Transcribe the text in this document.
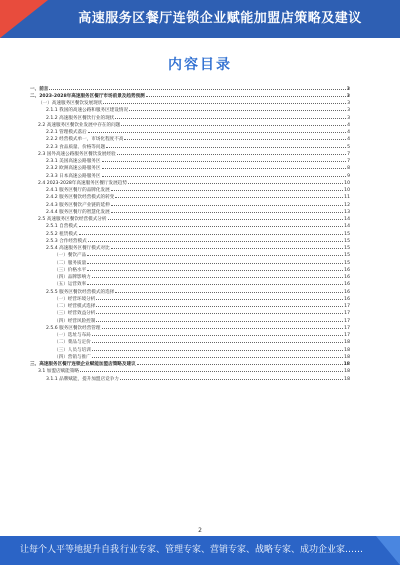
高速服务区餐厅连锁企业赋能加盟店策略及建议
内容目录
一、前言	3
二、2023-2028年高速服务区餐厅市场前景及趋势预测	3
（一）高速服务区餐饮发展现状	3
2.1.1 我国的高速公路和服务区建设情况	3
2.1.2 高速服务区餐饮行业的现状	3
2.2 高速服务区餐饮业发展中存在的问题	4
2.2.1 管理模式落后	4
2.2.2 经营模式单一，市场化程度不高	4
2.2.3 食品质量、价格等问题	5
2.3 国外高速公路服务区餐饮发展经验	7
2.3.1 美国高速公路服务区	7
2.3.2 欧洲高速公路服务区	8
2.3.3 日本高速公路服务区	9
2.4 2023-2028年高速服务区餐厅发展趋势	10
2.4.1 服务区餐厅的品牌化发展	10
2.4.2 服务区餐饮经营模式的转变	11
2.4.3 服务区餐饮产业链的延伸	12
2.4.4 服务区餐厅的智慧化发展	13
2.5 高速服务区餐饮经营模式分析	14
2.5.1 自营模式	14
2.5.2 租赁模式	15
2.5.3 合作经营模式	15
2.5.4 高速服务区餐厅模式对比	15
（一）餐饮产品	15
（二）服务质量	15
（三）价格水平	16
（四）品牌影响力	16
（五）运营效率	16
2.5.5 服务区餐饮经营模式的选择	16
（一）经营环境分析	16
（二）经营模式选择	17
（三）经营效益分析	17
（四）经营风险控制	17
2.5.6 服务区餐饮经营管理	17
（一）选址与布局	17
（二）菜品与定价	18
（三）人员与培训	18
（四）营销与推广	18
三、高速服务区餐厅连锁企业赋能加盟店策略及建议	18
3.1 加盟店赋能策略	18
3.1.1 品牌赋能，提升加盟店竞争力	18
2
让每个人平等地提升自我 行业专家、管理专家、营销专家、战略专家、成功企业家……
